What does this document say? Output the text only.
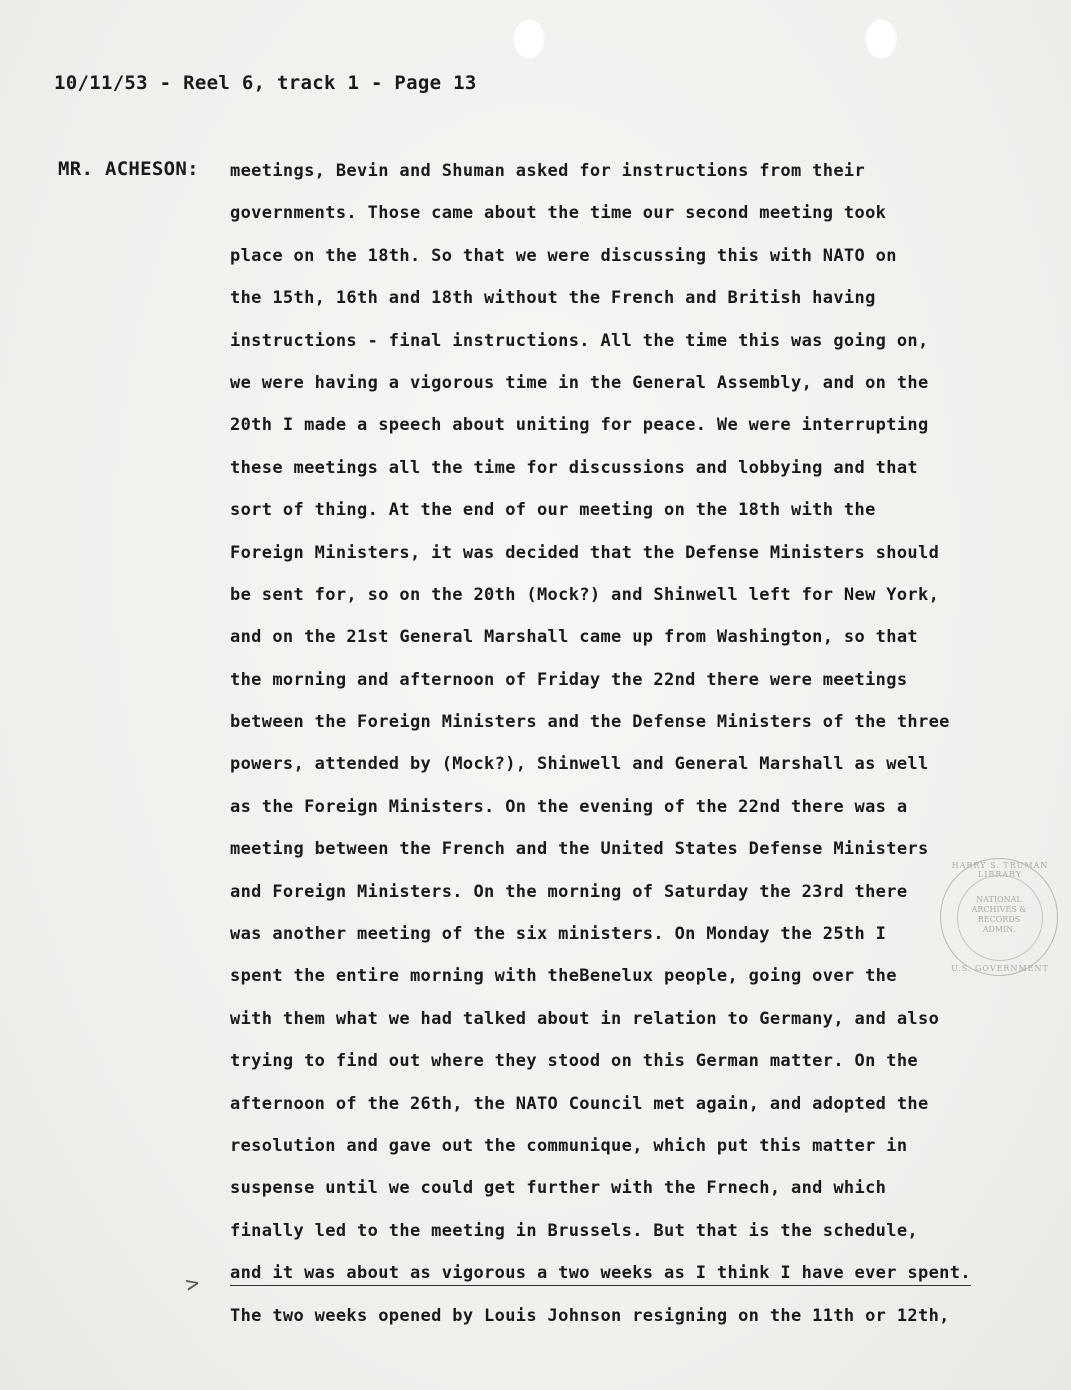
10/11/53 - Reel 6, track 1 - Page 13
MR. ACHESON: meetings, Bevin and Shuman asked for instructions from their
governments. Those came about the time our second meeting took
place on the 18th. So that we were discussing this with NATO on
the 15th, 16th and 18th without the French and British having
instructions - final instructions. All the time this was going on,
we were having a vigorous time in the General Assembly, and on the
20th I made a speech about uniting for peace. We were interrupting
these meetings all the time for discussions and lobbying and that
sort of thing. At the end of our meeting on the 18th with the
Foreign Ministers, it was decided that the Defense Ministers should
be sent for, so on the 20th (Mock?) and Shinwell left for New York,
and on the 21st General Marshall came up from Washington, so that
the morning and afternoon of Friday the 22nd there were meetings
between the Foreign Ministers and the Defense Ministers of the three
powers, attended by (Mock?), Shinwell and General Marshall as well
as the Foreign Ministers. On the evening of the 22nd there was a
meeting between the French and the United States Defense Ministers
and Foreign Ministers. On the morning of Saturday the 23rd there
was another meeting of the six ministers. On Monday the 25th I
spent the entire morning with theBenelux people, going over the
with them what we had talked about in relation to Germany, and also
trying to find out where they stood on this German matter. On the
afternoon of the 26th, the NATO Council met again, and adopted the
resolution and gave out the communique, which put this matter in
suspense until we could get further with the Frnech, and which
finally led to the meeting in Brussels. But that is the schedule,
and it was about as vigorous a two weeks as I think I have ever spent.
The two weeks opened by Louis Johnson resigning on the 11th or 12th,
>
HARRY S. TRUMAN LIBRARY
NATIONAL
ARCHIVES &
RECORDS
ADMIN.
U.S. GOVERNMENT
